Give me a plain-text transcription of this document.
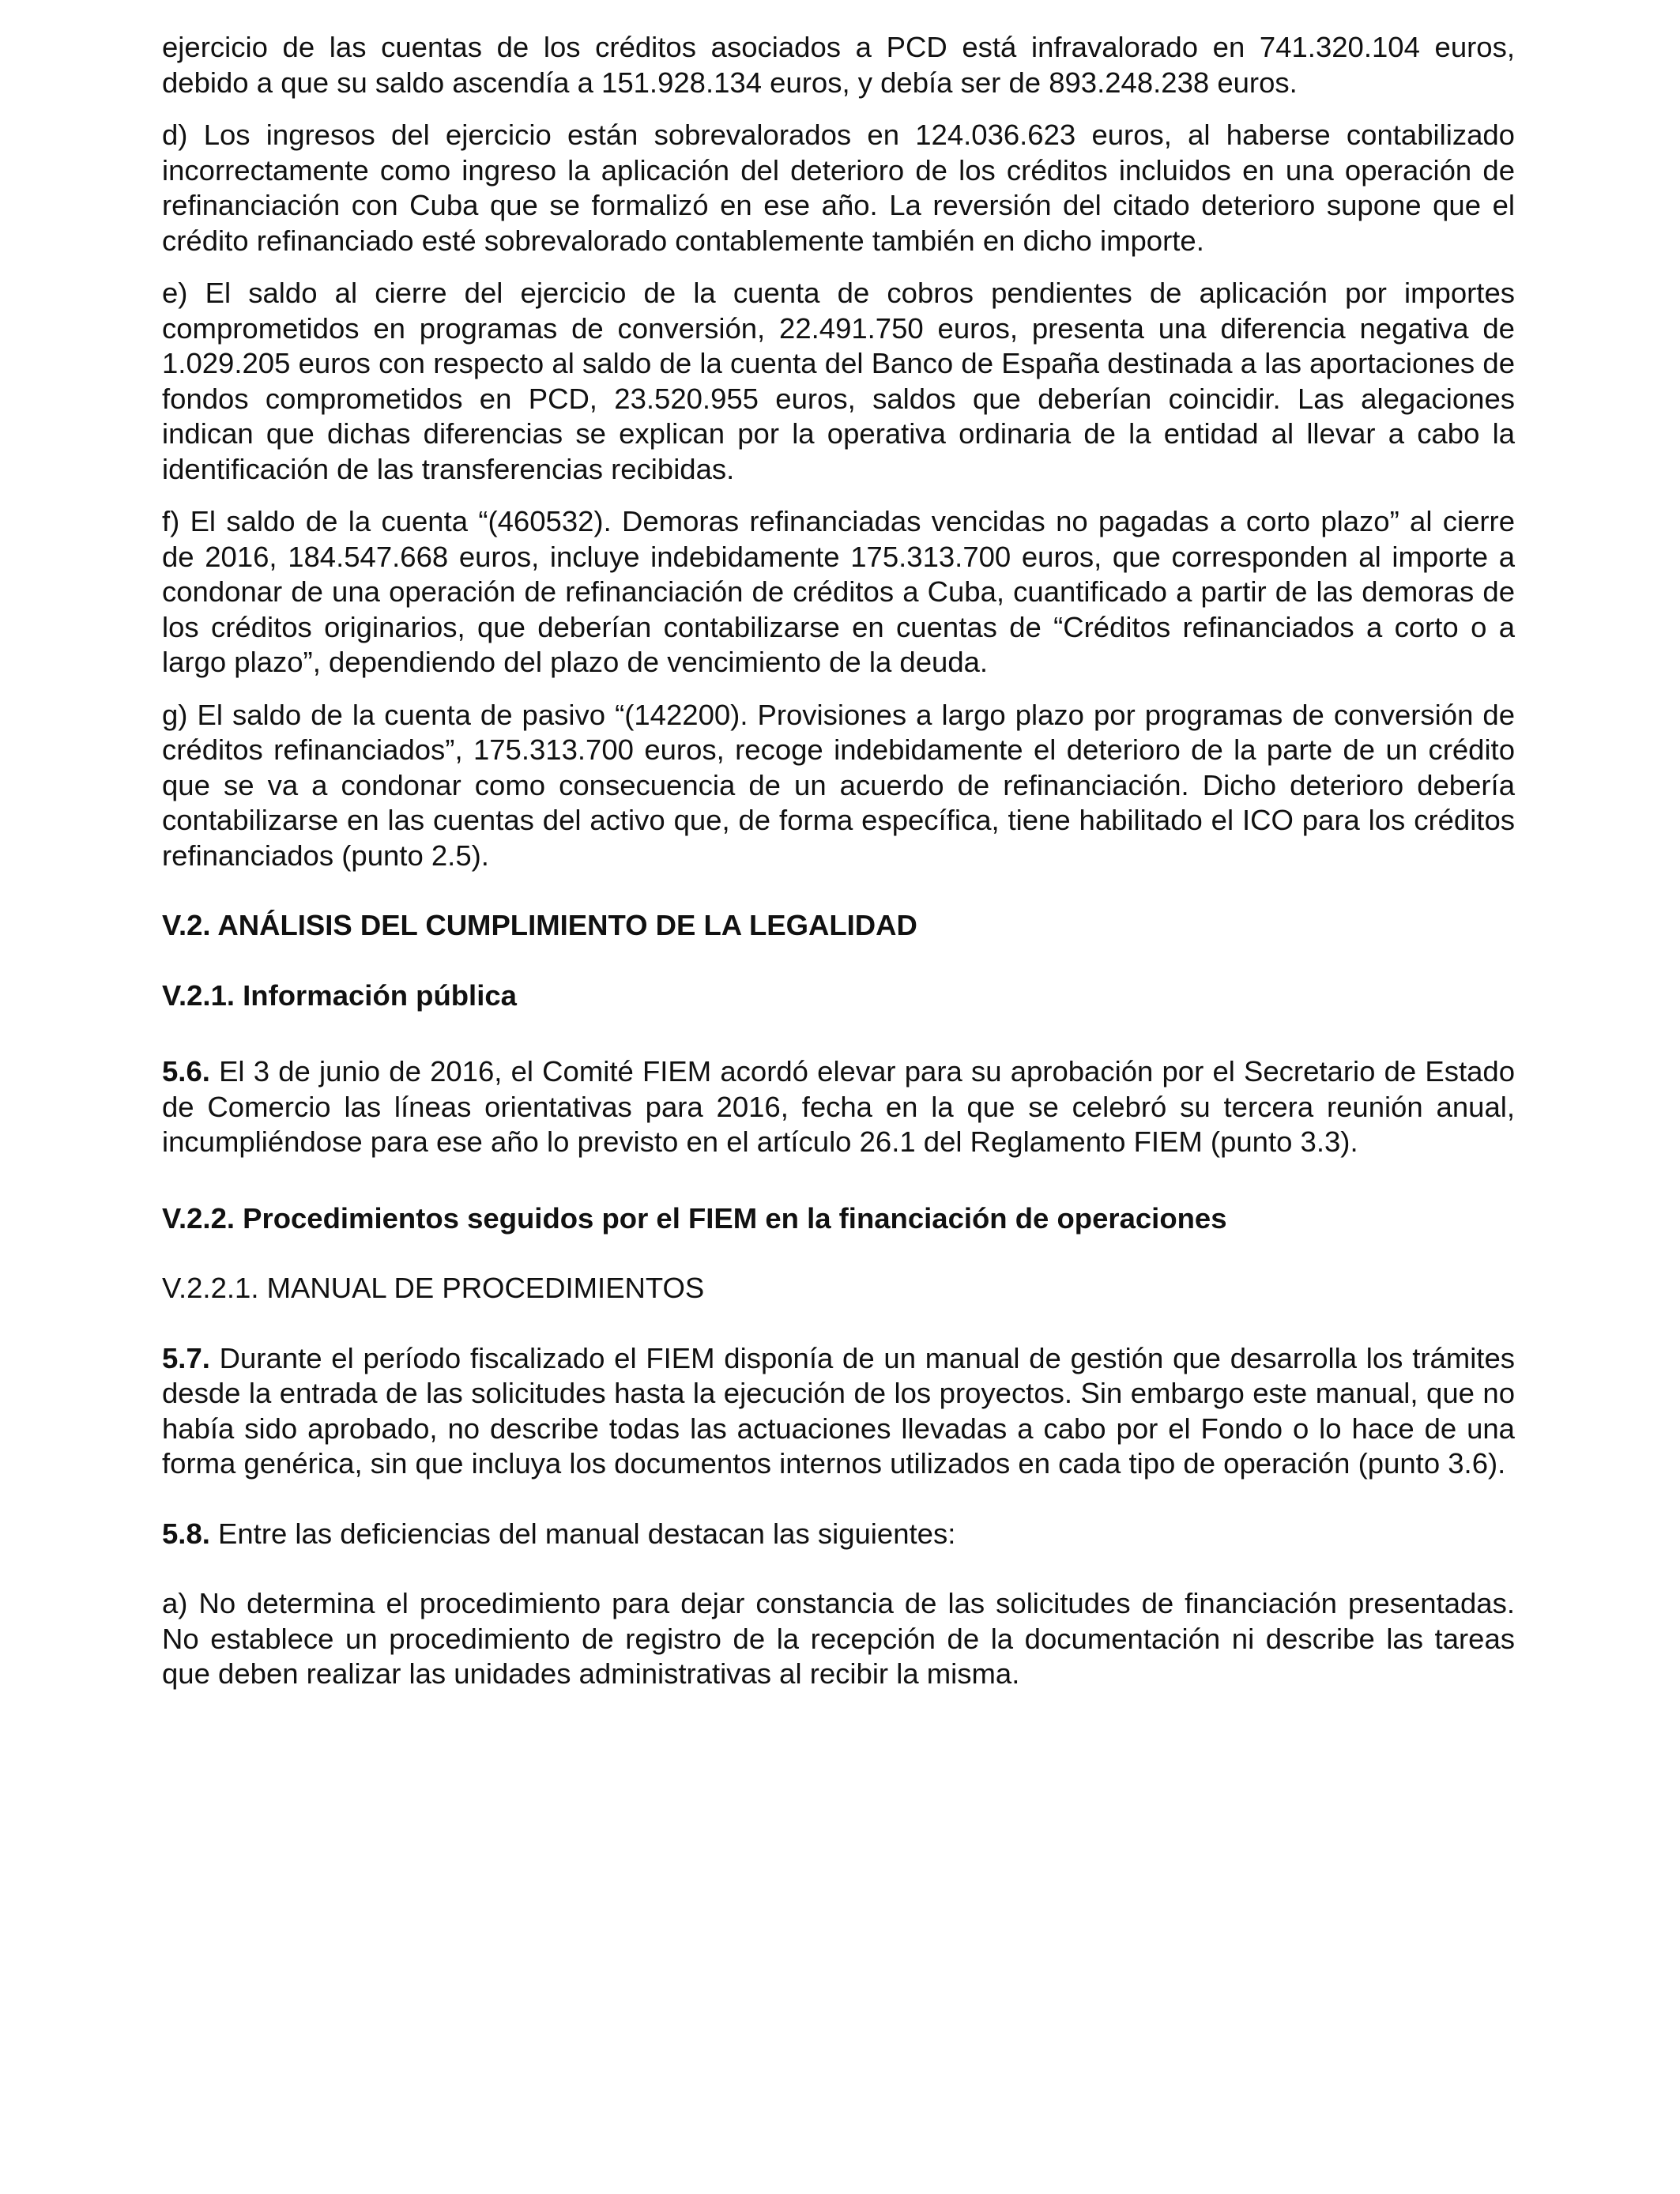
ejercicio de las cuentas de los créditos asociados a PCD está infravalorado en 741.320.104 euros, debido a que su saldo ascendía a 151.928.134 euros, y debía ser de 893.248.238 euros.

d) Los ingresos del ejercicio están sobrevalorados en 124.036.623 euros, al haberse contabilizado incorrectamente como ingreso la aplicación del deterioro de los créditos incluidos en una operación de refinanciación con Cuba que se formalizó en ese año. La reversión del citado deterioro supone que el crédito refinanciado esté sobrevalorado contablemente también en dicho importe.

e) El saldo al cierre del ejercicio de la cuenta de cobros pendientes de aplicación por importes comprometidos en programas de conversión, 22.491.750 euros, presenta una diferencia negativa de 1.029.205 euros con respecto al saldo de la cuenta del Banco de España destinada a las aportaciones de fondos comprometidos en PCD, 23.520.955 euros, saldos que deberían coincidir. Las alegaciones indican que dichas diferencias se explican por la operativa ordinaria de la entidad al llevar a cabo la identificación de las transferencias recibidas.

f) El saldo de la cuenta “(460532). Demoras refinanciadas vencidas no pagadas a corto plazo” al cierre de 2016, 184.547.668 euros, incluye indebidamente 175.313.700 euros, que corresponden al importe a condonar de una operación de refinanciación de créditos a Cuba, cuantificado a partir de las demoras de los créditos originarios, que deberían contabilizarse en cuentas de “Créditos refinanciados a corto o a largo plazo”, dependiendo del plazo de vencimiento de la deuda.

g) El saldo de la cuenta de pasivo “(142200). Provisiones a largo plazo por programas de conversión de créditos refinanciados”, 175.313.700 euros, recoge indebidamente el deterioro de la parte de un crédito que se va a condonar como consecuencia de un acuerdo de refinanciación. Dicho deterioro debería contabilizarse en las cuentas del activo que, de forma específica, tiene habilitado el ICO para los créditos refinanciados (punto 2.5).

V.2. ANÁLISIS DEL CUMPLIMIENTO DE LA LEGALIDAD
V.2.1. Información pública

5.6. El 3 de junio de 2016, el Comité FIEM acordó elevar para su aprobación por el Secretario de Estado de Comercio las líneas orientativas para 2016, fecha en la que se celebró su tercera reunión anual, incumpliéndose para ese año lo previsto en el artículo 26.1 del Reglamento FIEM (punto 3.3).

V.2.2. Procedimientos seguidos por el FIEM en la financiación de operaciones
V.2.2.1. MANUAL DE PROCEDIMIENTOS

5.7. Durante el período fiscalizado el FIEM disponía de un manual de gestión que desarrolla los trámites desde la entrada de las solicitudes hasta la ejecución de los proyectos. Sin embargo este manual, que no había sido aprobado, no describe todas las actuaciones llevadas a cabo por el Fondo o lo hace de una forma genérica, sin que incluya los documentos internos utilizados en cada tipo de operación (punto 3.6).

5.8. Entre las deficiencias del manual destacan las siguientes:

a) No determina el procedimiento para dejar constancia de las solicitudes de financiación presentadas. No establece un procedimiento de registro de la recepción de la documentación ni describe las tareas que deben realizar las unidades administrativas al recibir la misma.
